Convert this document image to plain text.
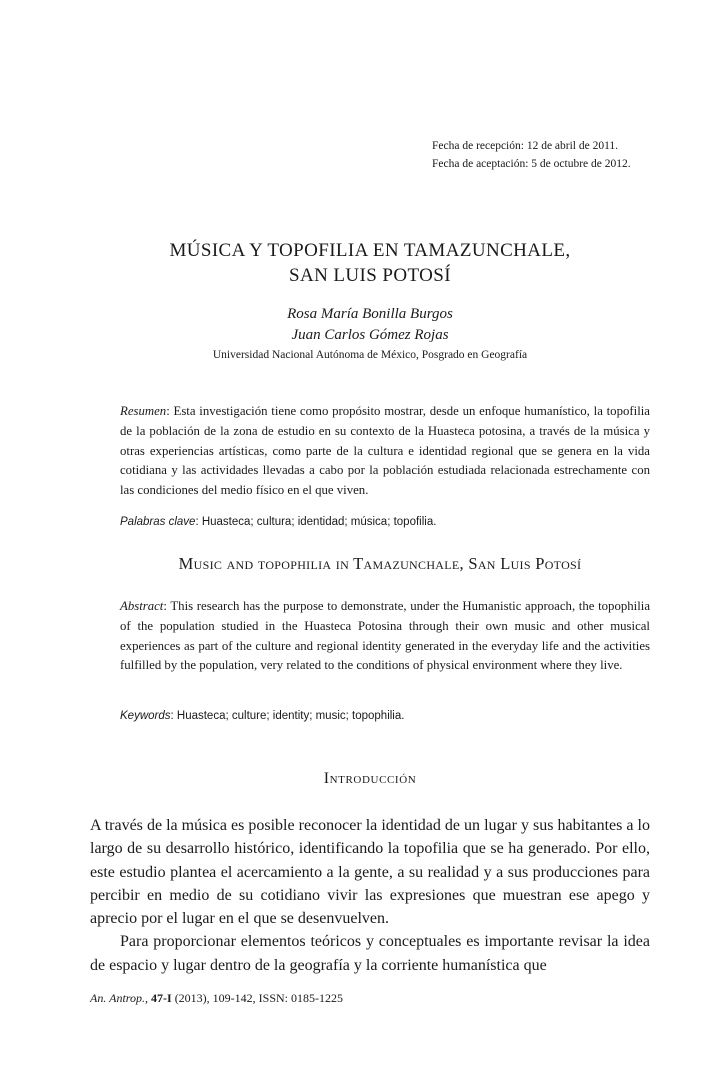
Fecha de recepción: 12 de abril de 2011.
Fecha de aceptación: 5 de octubre de 2012.
MÚSICA Y TOPOFILIA EN TAMAZUNCHALE,
SAN LUIS POTOSÍ
Rosa María Bonilla Burgos
Juan Carlos Gómez Rojas
Universidad Nacional Autónoma de México, Posgrado en Geografía
Resumen: Esta investigación tiene como propósito mostrar, desde un enfoque humanístico, la topofilia de la población de la zona de estudio en su contexto de la Huasteca potosina, a través de la música y otras experiencias artísticas, como parte de la cultura e identidad regional que se genera en la vida cotidiana y las actividades llevadas a cabo por la población estudiada relacionada estrechamente con las condiciones del medio físico en el que viven.
Palabras clave: Huasteca; cultura; identidad; música; topofilia.
Music and topophilia in Tamazunchale, San Luis Potosí
Abstract: This research has the purpose to demonstrate, under the Humanistic approach, the topophilia of the population studied in the Huasteca Potosina through their own music and other musical experiences as part of the culture and regional identity generated in the everyday life and the activities fulfilled by the population, very related to the conditions of physical environment where they live.
Keywords: Huasteca; culture; identity; music; topophilia.
Introducción

A través de la música es posible reconocer la identidad de un lugar y sus habitantes a lo largo de su desarrollo histórico, identificando la topofilia que se ha generado. Por ello, este estudio plantea el acercamiento a la gente, a su realidad y a sus producciones para percibir en medio de su cotidiano vivir las expresiones que muestran ese apego y aprecio por el lugar en el que se desenvuelven.

Para proporcionar elementos teóricos y conceptuales es importante revisar la idea de espacio y lugar dentro de la geografía y la corriente humanística que

An. Antrop., 47-I (2013), 109-142, ISSN: 0185-1225
